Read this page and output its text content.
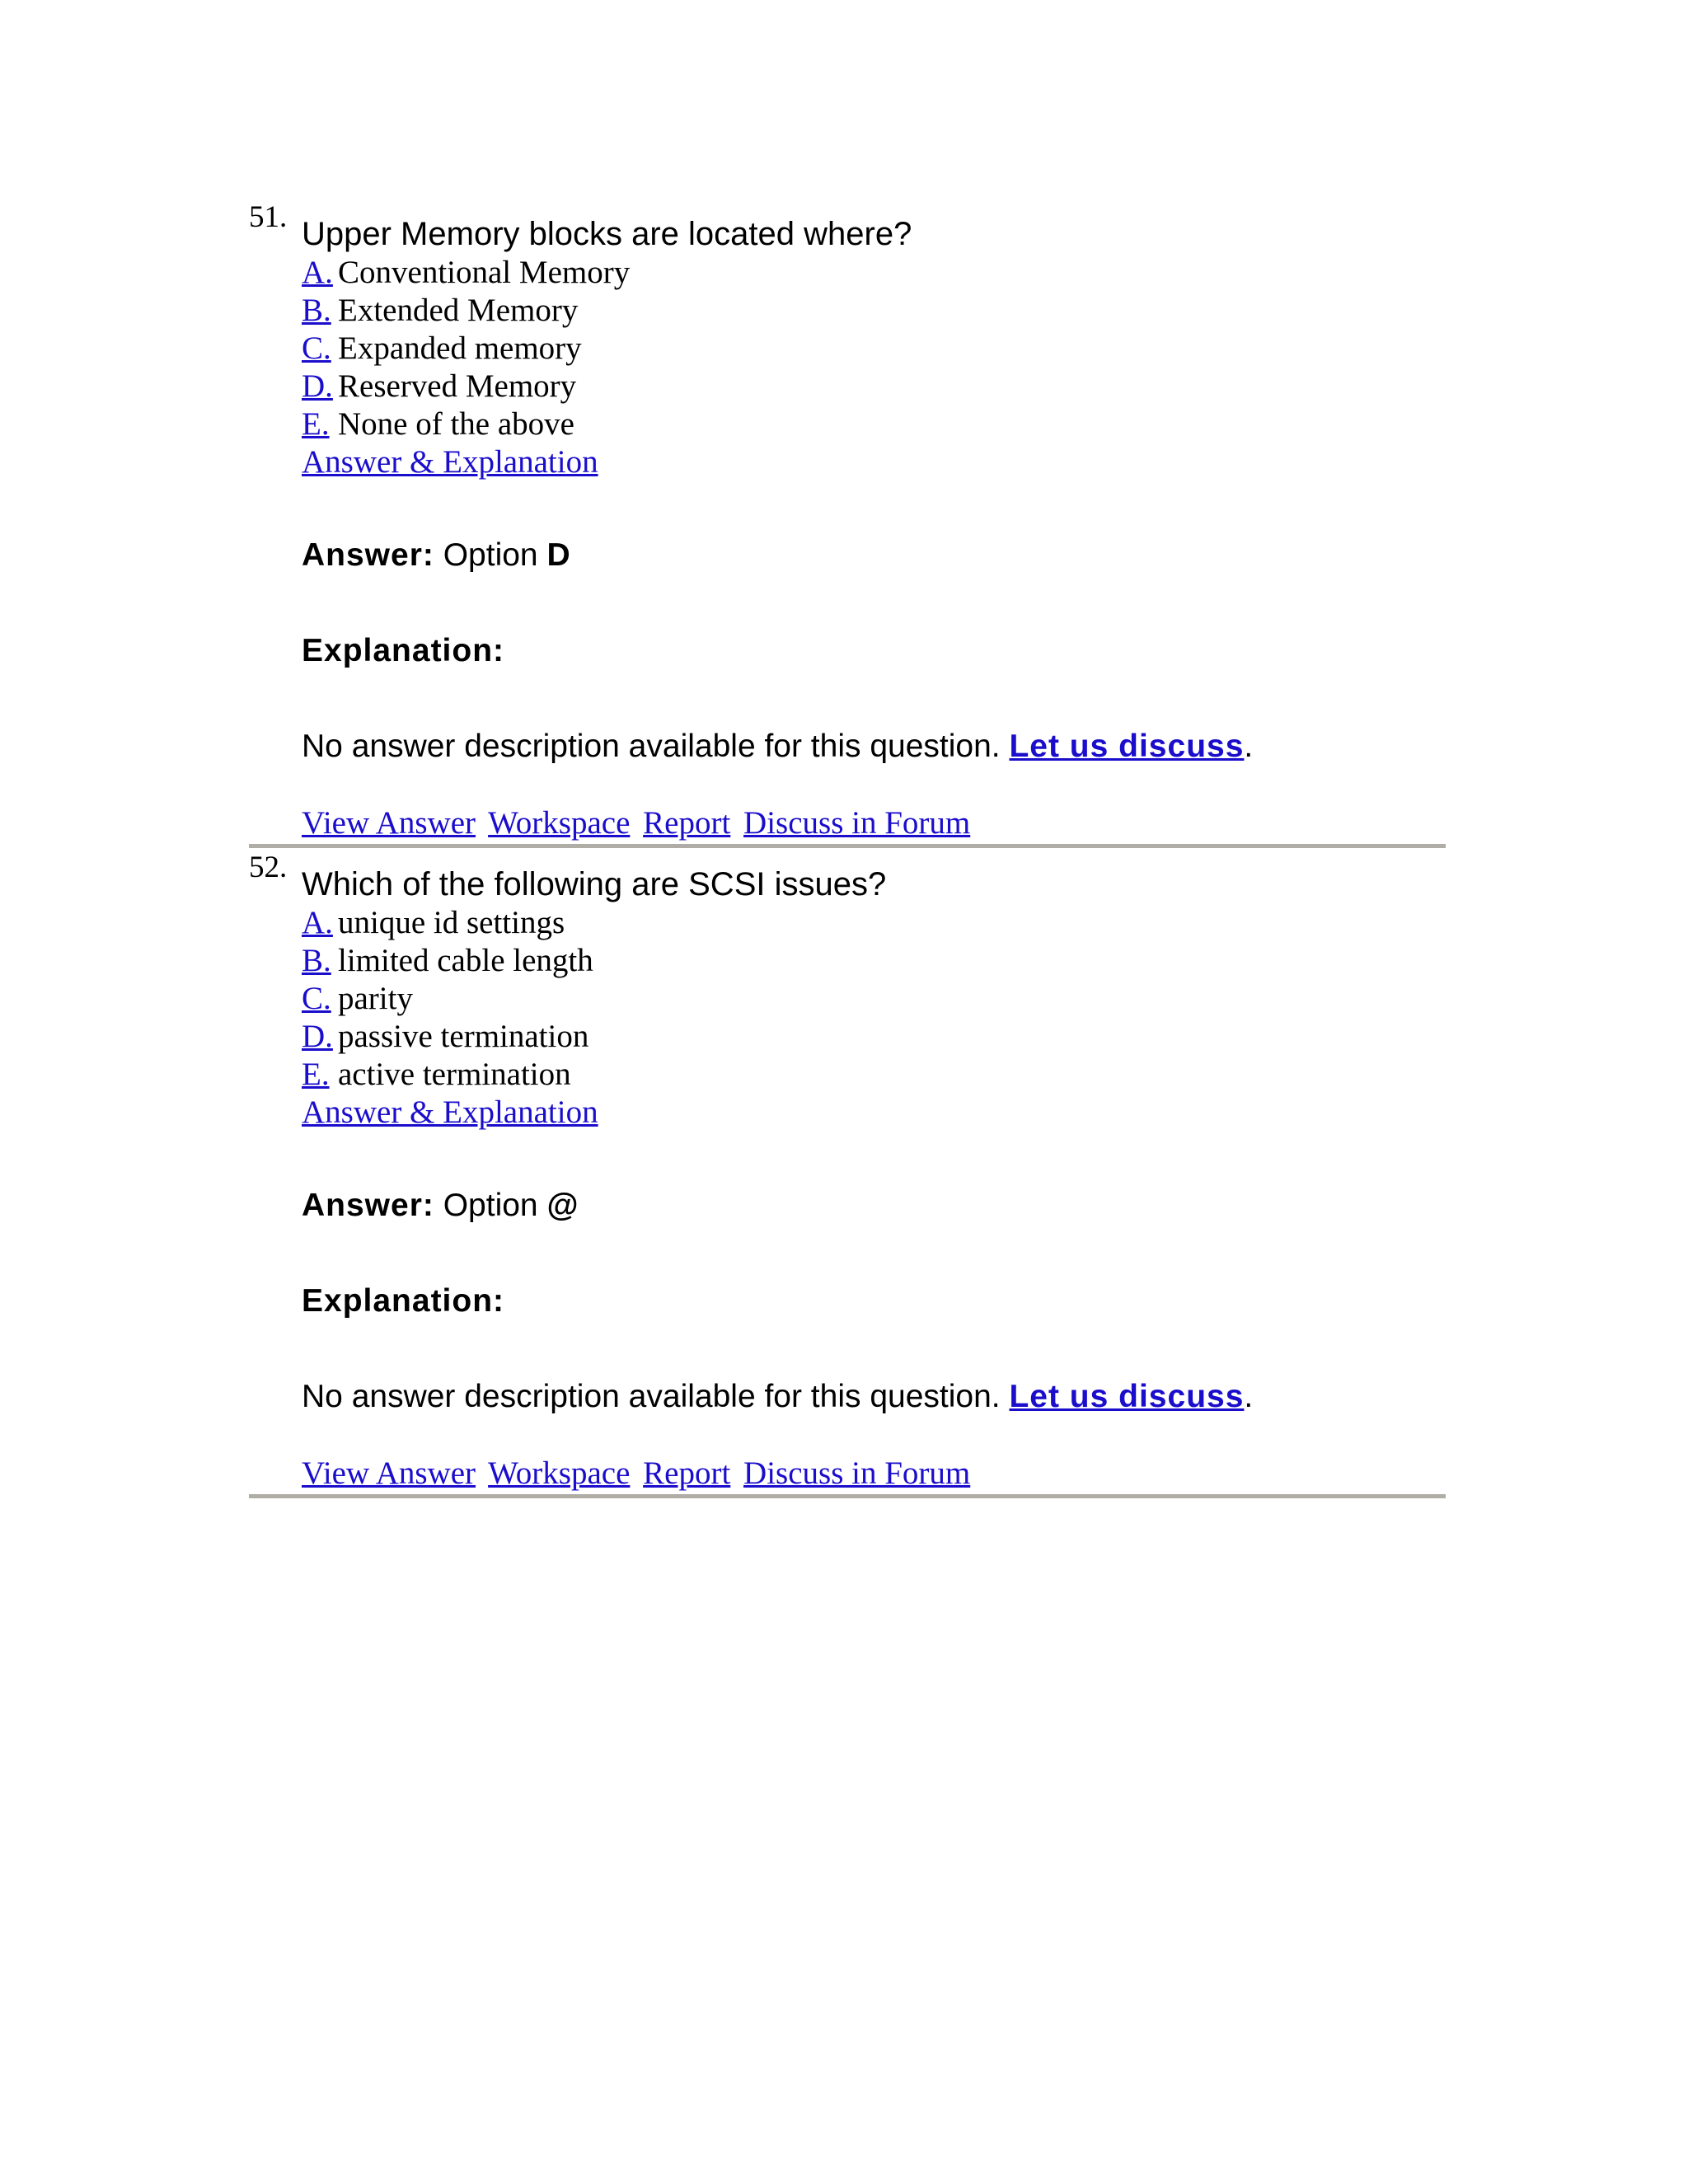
51. Upper Memory blocks are located where?

A. Conventional Memory
B. Extended Memory
C. Expanded memory
D. Reserved Memory
E. None of the above
Answer & Explanation
Answer: Option D
Explanation:
No answer description available for this question. Let us discuss.
View Answer Workspace Report Discuss in Forum
52. Which of the following are SCSI issues?

A. unique id settings
B. limited cable length
C. parity
D. passive termination
E. active termination
Answer & Explanation
Answer: Option @
Explanation:
No answer description available for this question. Let us discuss.
View Answer Workspace Report Discuss in Forum
